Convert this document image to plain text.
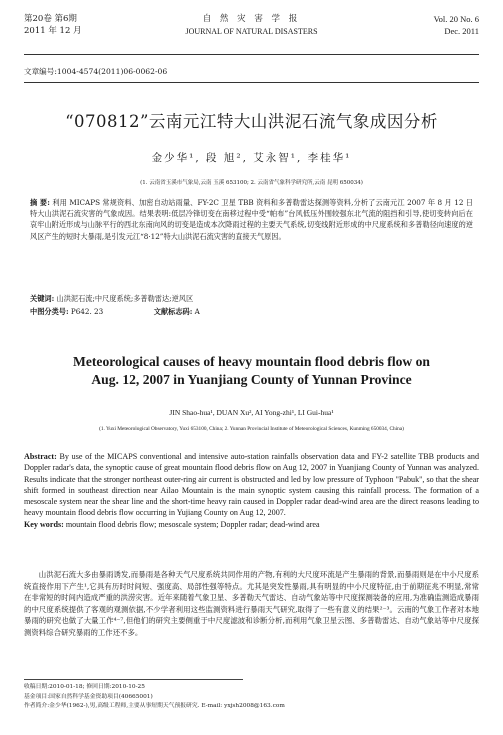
第20卷 第6期
2011 年 12 月
自 然 灾 害 学 报
JOURNAL OF NATURAL DISASTERS
Vol. 20 No. 6
Dec. 2011
文章编号:1004-4574(2011)06-0062-06
“070812”云南元江特大山洪泥石流气象成因分析
金少华¹, 段 旭², 艾永智¹, 李桂华¹
(1. 云南省玉溪市气象局,云南 玉溪 653100; 2. 云南省气象科学研究所,云南 昆明 650034)
摘 要: 利用 MICAPS 常规资料、加密自动站雨量、FY-2C 卫星 TBB 资料和多普勒雷达探测等资料,分析了云南元江 2007 年 8 月 12 日特大山洪泥石流灾害的气象成因。结果表明:低层冷锋切变在南移过程中受“帕布”台风低压外围较强东北气流的阻挡和引导,使切变转向后在哀牢山附近形成与山脉平行的西北东南向风的切变是造成本次降雨过程的主要天气系统,切变线附近形成的中尺度系统和多普勒径向速度的逆风区产生的短时大暴雨,是引发元江“8·12”特大山洪泥石流灾害的直接天气原因。
关键词: 山洪泥石流;中尺度系统;多普勒雷达;逆风区
中图分类号: P642. 23	文献标志码: A
Meteorological causes of heavy mountain flood debris flow on
Aug. 12, 2007 in Yuanjiang County of Yunnan Province
JIN Shao-hua¹, DUAN Xu², AI Yong-zhi¹, LI Gui-hua¹
(1. Yuxi Meteorological Observatory, Yuxi 653100, China; 2. Yunnan Provincial Institute of Meteorological Sciences, Kunming 650034, China)
Abstract: By use of the MICAPS conventional and intensive auto-station rainfalls observation data and FY-2 satellite TBB products and Doppler radar's data, the synoptic cause of great mountain flood debris flow on Aug 12, 2007 in Yuanjiang County of Yunnan was analyzed. Results indicate that the stronger northeast outer-ring air current is obstructed and led by low pressure of Typhoon "Pabuk", so that the shear shift formed in southeast direction near Ailao Mountain is the main synoptic system causing this rainfall process. The formation of a mesoscale system near the shear line and the short-time heavy rain caused in Doppler radar dead-wind area are the direct reasons leading to heavy mountain flood debris flow occurring in Yujiang County on Aug 12, 2007.
Key words: mountain flood debris flow; mesoscale system; Doppler radar; dead-wind area
山洪泥石流大多由暴雨诱发,而暴雨是各种天气尺度系统共同作用的产物,有利的大尺度环流是产生暴雨的背景,而暴雨则是在中小尺度系统直接作用下产生¹,它具有历时时间短、强度高、局部性强等特点。尤其是突发性暴雨,具有明显的中小尺度特征,由于前期征兆不明显,常常在非常短的时间内造成严重的洪涝灾害。近年来随着气象卫星、多普勒天气雷达、自动气象站等中尺度探测装备的应用,为准确监测造成暴雨的中尺度系统提供了客观的观测依据,不少学者利用这些监测资料进行暴雨天气研究,取得了一些有意义的结果²⁻³。云南的气象工作者对本地暴雨的研究也做了大量工作⁴⁻⁷,但他们的研究主要侧重于中尺度滤波和诊断分析,而利用气象卫星云图、多普勒雷达、自动气象站等中尺度探测资料综合研究暴雨的工作还不多。
收稿日期:2010-01-18; 修回日期:2010-10-25
基金项目:国家自然科学基金资助项目(40665001)
作者简介:金少华(1962-),男,高级工程师,主要从事短期天气预报研究. E-mail: yxjsh2008@163.com
